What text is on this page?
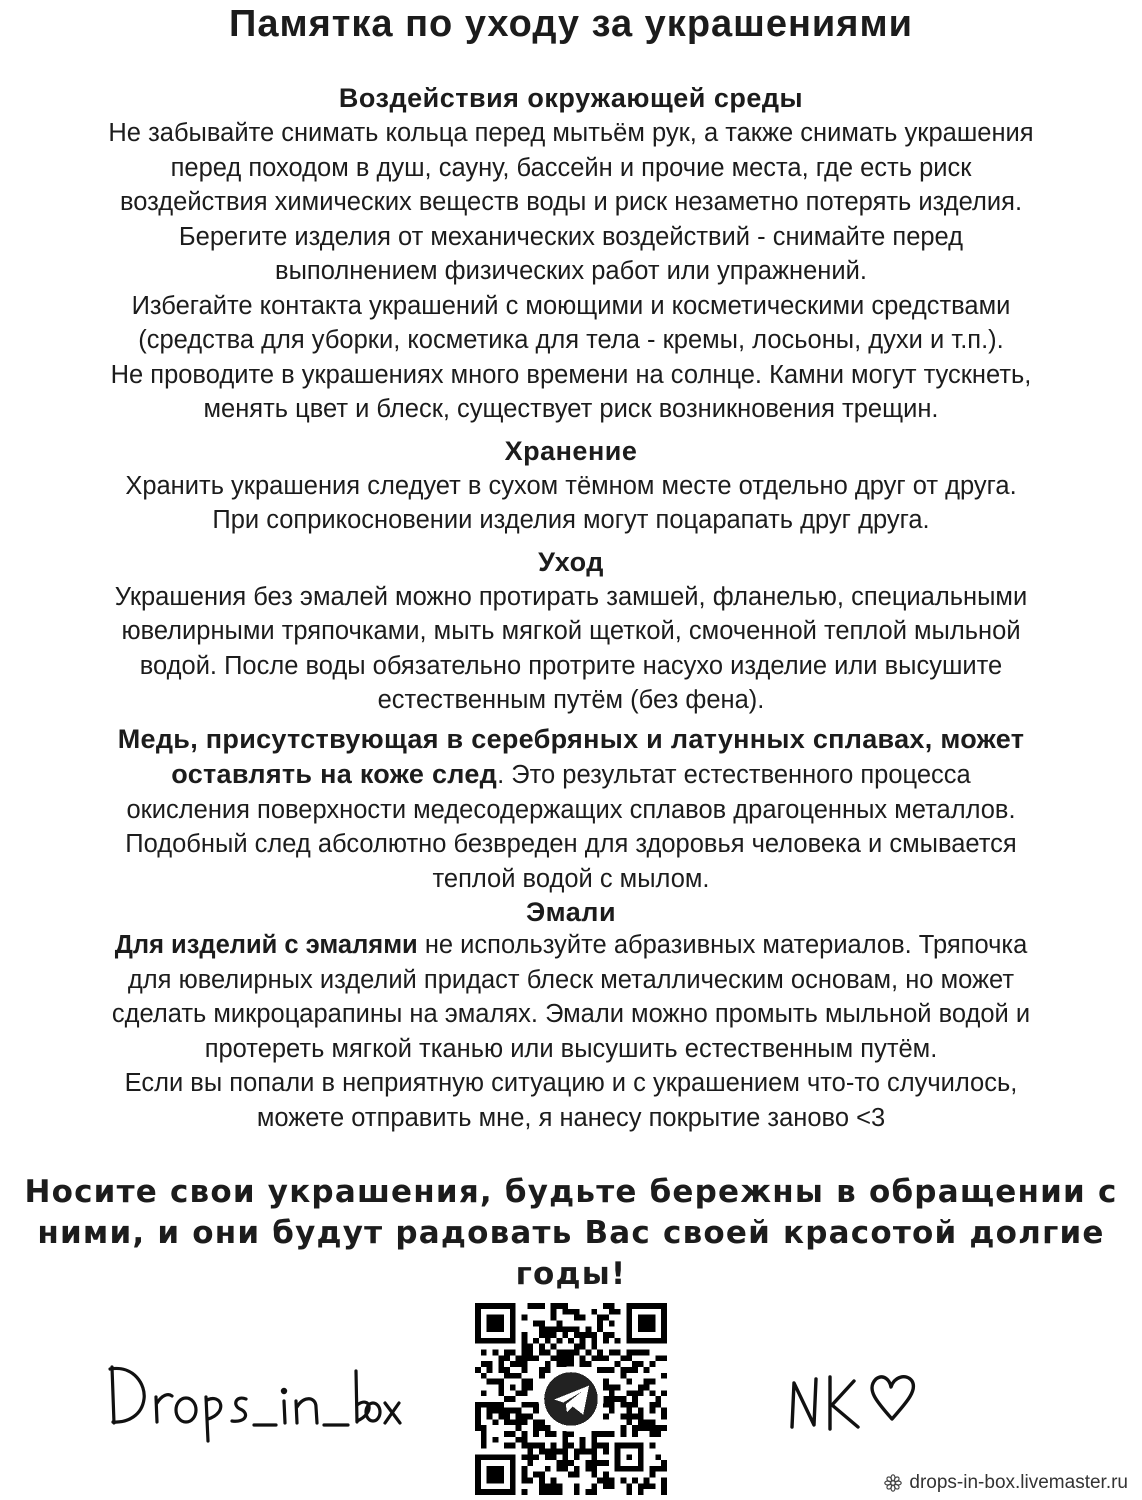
Памятка по уходу за украшениями
Воздействия окружающей среды

Не забывайте снимать кольца перед мытьём рук, а также снимать украшения

перед походом в душ, сауну, бассейн и прочие места, где есть риск

воздействия химических веществ воды и риск незаметно потерять изделия.

Берегите изделия от механических воздействий - снимайте перед

выполнением физических работ или упражнений.

Избегайте контакта украшений с моющими и косметическими средствами

(средства для уборки, косметика для тела - кремы, лосьоны, духи и т.п.).

Не проводите в украшениях много времени на солнце. Камни могут тускнеть,

менять цвет и блеск, существует риск возникновения трещин.

Хранение

Хранить украшения следует в сухом тёмном месте отдельно друг от друга.

При соприкосновении изделия могут поцарапать друг друга.

Уход

Украшения без эмалей можно протирать замшей, фланелью, специальными

ювелирными тряпочками, мыть мягкой щеткой, смоченной теплой мыльной

водой. После воды обязательно протрите насухо изделие или высушите

естественным путём (без фена).

Медь, присутствующая в серебряных и латунных сплавах, может

оставлять на коже след. Это результат естественного процесса

окисления поверхности медесодержащих сплавов драгоценных металлов.

Подобный след абсолютно безвреден для здоровья человека и смывается

теплой водой с мылом.

Эмали

Для изделий с эмалями не используйте абразивных материалов. Тряпочка

для ювелирных изделий придаст блеск металлическим основам, но может

сделать микроцарапины на эмалях. Эмали можно промыть мыльной водой и

протереть мягкой тканью или высушить естественным путём.

Если вы попали в неприятную ситуацию и с украшением что-то случилось,

можете отправить мне, я нанесу покрытие заново <3

Носите свои украшения, будьте бережны в обращении с
ними, и они будут радовать Вас своей красотой долгие
годы!
drops-in-box.livemaster.ru
